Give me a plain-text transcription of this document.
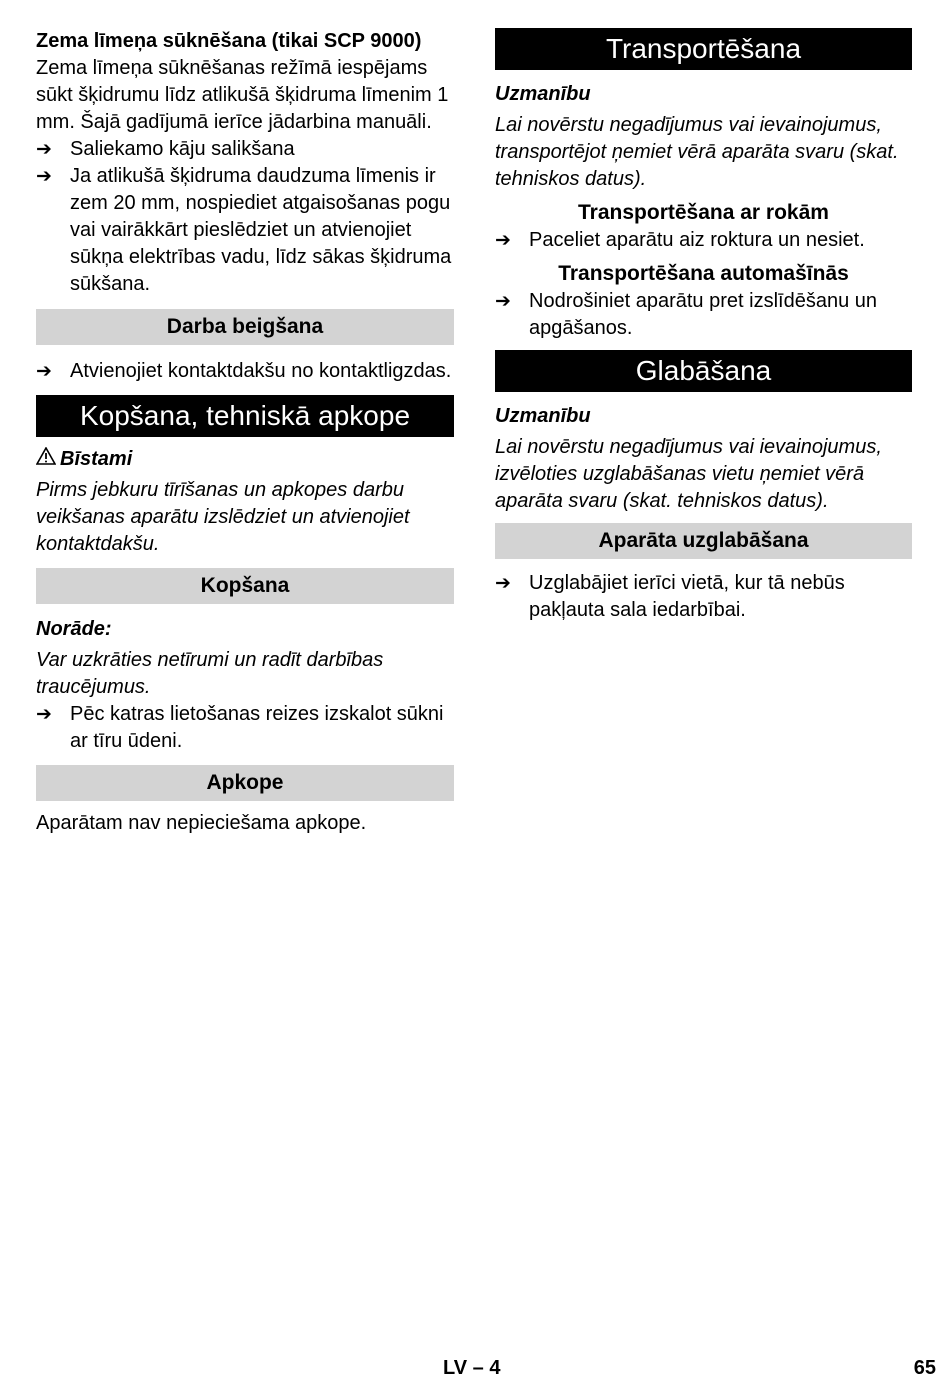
Zema līmeņa sūknēšana (tikai SCP 9000)

Zema līmeņa sūknēšanas režīmā iespējams sūkt šķidrumu līdz atlikušā šķidruma līmenim 1 mm. Šajā gadījumā ierīce jādarbina manuāli.

➔ Saliekamo kāju salikšana
➔ Ja atlikušā šķidruma daudzuma līmenis ir zem 20 mm, nospiediet atgaisošanas pogu vai vairākkārt pieslēdziet un atvienojiet sūkņa elektrības vadu, līdz sākas šķidruma sūkšana.
Darba beigšana
➔ Atvienojiet kontaktdakšu no kontaktligzdas.
Kopšana, tehniskā apkope

Bīstami

Pirms jebkuru tīrīšanas un apkopes darbu veikšanas aparātu izslēdziet un atvienojiet kontaktdakšu.

Kopšana

Norāde:

Var uzkrāties netīrumi un radīt darbības traucējumus.

➔ Pēc katras lietošanas reizes izskalot sūkni ar tīru ūdeni.
Apkope

Aparātam nav nepieciešama apkope.

Transportēšana

Uzmanību

Lai novērstu negadījumus vai ievainojumus, transportējot ņemiet vērā aparāta svaru (skat. tehniskos datus).

Transportēšana ar rokām

➔ Paceliet aparātu aiz roktura un nesiet.

Transportēšana automašīnās

➔ Nodrošiniet aparātu pret izslīdēšanu un apgāšanos.
Glabāšana

Uzmanību

Lai novērstu negadījumus vai ievainojumus, izvēloties uzglabāšanas vietu ņemiet vērā aparāta svaru (skat. tehniskos datus).

Aparāta uzglabāšana
➔ Uzglabājiet ierīci vietā, kur tā nebūs pakļauta sala iedarbībai.
LV – 4	65
